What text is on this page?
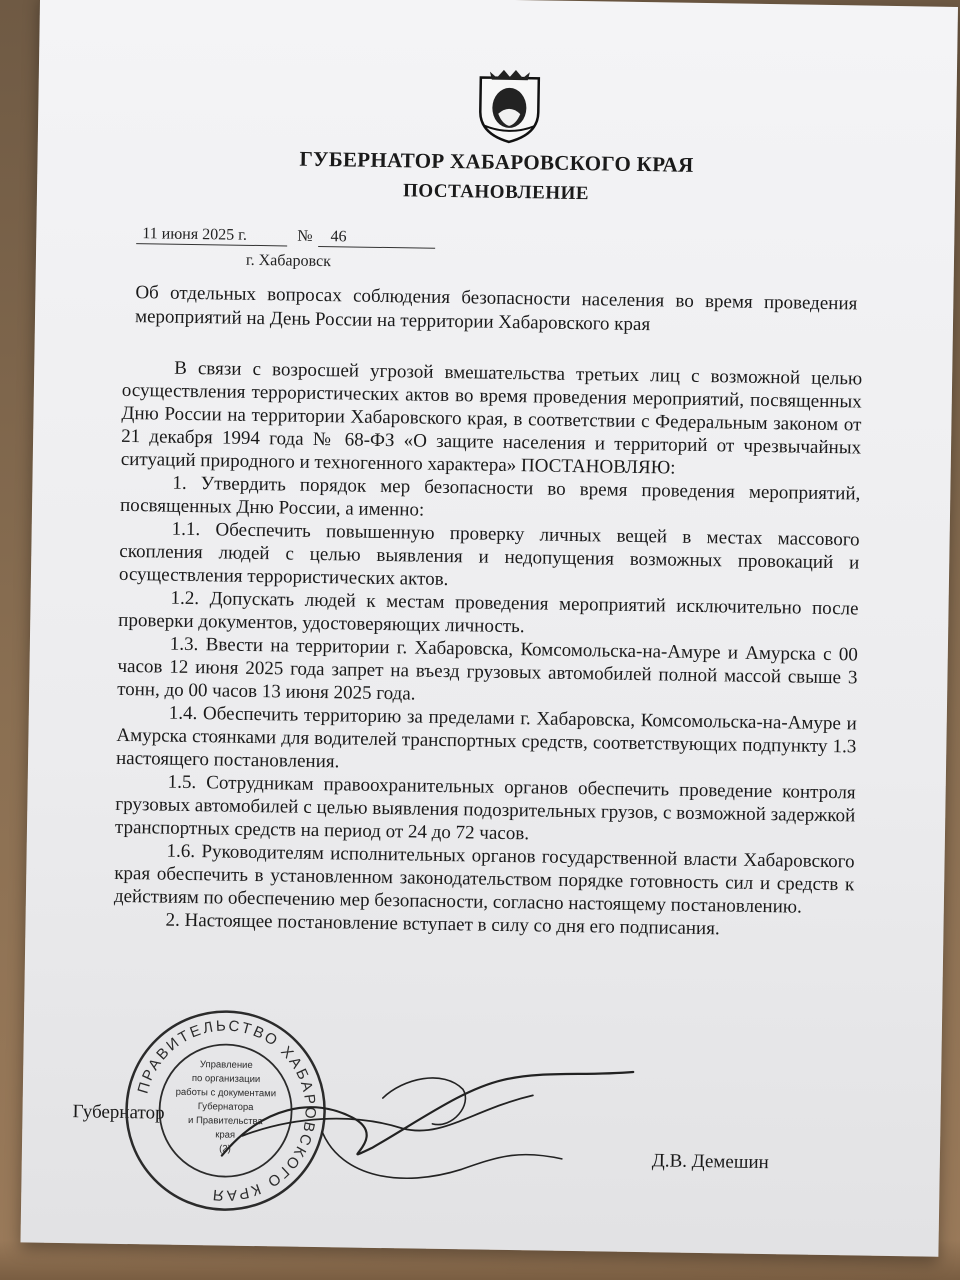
ГУБЕРНАТОР ХАБАРОВСКОГО КРАЯ
ПОСТАНОВЛЕНИЕ
11 июня 2025 г.	№ 46
г. Хабаровск
Об отдельных вопросах соблюдения безопасности населения во время проведения мероприятий на День России на территории Хабаровского края

В связи с возросшей угрозой вмешательства третьих лиц с возможной целью осуществления террористических актов во время проведения мероприятий, посвященных Дню России на территории Хабаровского края, в соответствии с Федеральным законом от 21 декабря 1994 года № 68-ФЗ «О защите населения и территорий от чрезвычайных ситуаций природного и техногенного характера» ПОСТАНОВЛЯЮ:

1. Утвердить порядок мер безопасности во время проведения мероприятий, посвященных Дню России, а именно:

1.1. Обеспечить повышенную проверку личных вещей в местах массового скопления людей с целью выявления и недопущения возможных провокаций и осуществления террористических актов.

1.2. Допускать людей к местам проведения мероприятий исключительно после проверки документов, удостоверяющих личность.

1.3. Ввести на территории г. Хабаровска, Комсомольска-на-Амуре и Амурска с 00 часов 12 июня 2025 года запрет на въезд грузовых автомобилей полной массой свыше 3 тонн, до 00 часов 13 июня 2025 года.

1.4. Обеспечить территорию за пределами г. Хабаровска, Комсомольска-на-Амуре и Амурска стоянками для водителей транспортных средств, соответствующих подпункту 1.3 настоящего постановления.

1.5. Сотрудникам правоохранительных органов обеспечить проведение контроля грузовых автомобилей с целью выявления подозрительных грузов, с возможной задержкой транспортных средств на период от 24 до 72 часов.

1.6. Руководителям исполнительных органов государственной власти Хабаровского края обеспечить в установленном законодательством порядке готовность сил и средств к действиям по обеспечению мер безопасности, согласно настоящему постановлению.

2. Настоящее постановление вступает в силу со дня его подписания.

Губернатор
Д.В. Демешин
ПРАВИТЕЛЬСТВО ХАБАРОВСКОГО КРАЯ
Управление
по организации
работы с документами
Губернатора
и Правительства
края
(2)
